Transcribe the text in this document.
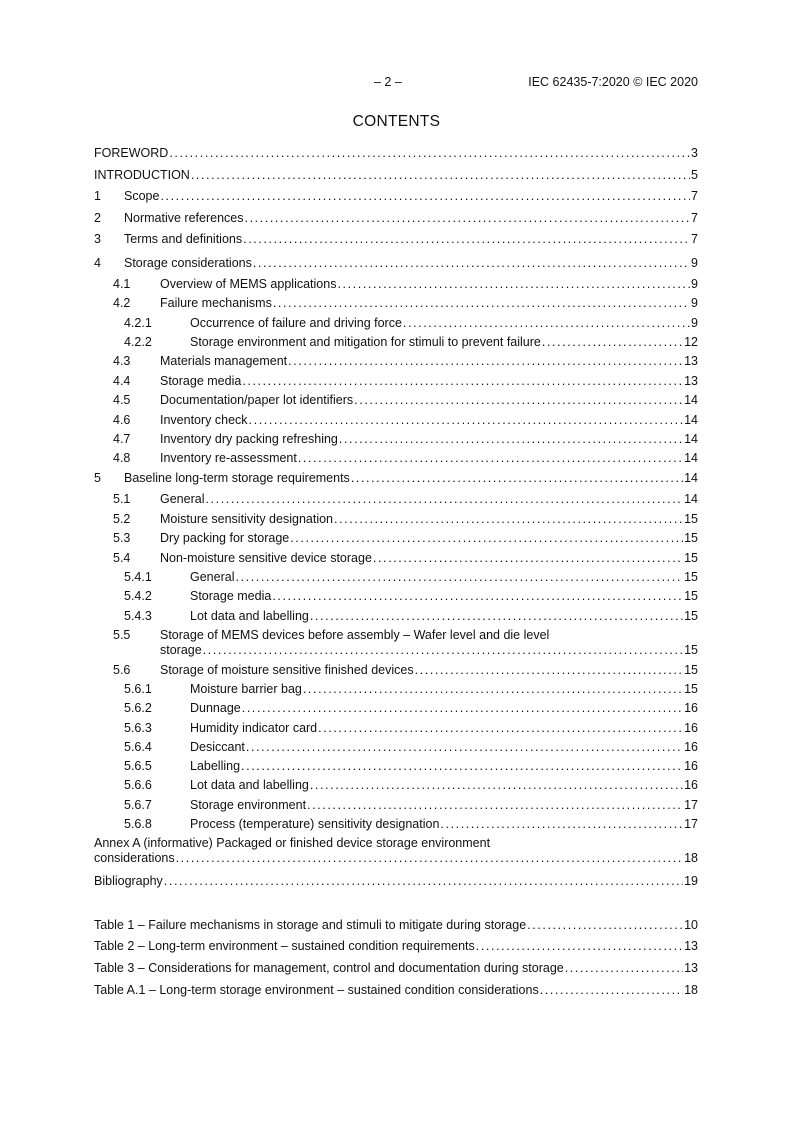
– 2 –	IEC 62435-7:2020 © IEC 2020
CONTENTS
FOREWORD .....	3
INTRODUCTION .....	5
1	Scope .....	7
2	Normative references .....	7
3	Terms and definitions .....	7
4	Storage considerations .....	9
4.1	Overview of MEMS applications .....	9
4.2	Failure mechanisms .....	9
4.2.1	Occurrence of failure and driving force .....	9
4.2.2	Storage environment and mitigation for stimuli to prevent failure .....	12
4.3	Materials management .....	13
4.4	Storage media .....	13
4.5	Documentation/paper lot identifiers .....	14
4.6	Inventory check .....	14
4.7	Inventory dry packing refreshing .....	14
4.8	Inventory re-assessment .....	14
5	Baseline long-term storage requirements .....	14
5.1	General .....	14
5.2	Moisture sensitivity designation .....	15
5.3	Dry packing for storage .....	15
5.4	Non-moisture sensitive device storage .....	15
5.4.1	General .....	15
5.4.2	Storage media .....	15
5.4.3	Lot data and labelling .....	15
5.5	Storage of MEMS devices before assembly – Wafer level and die level
storage .....	15
5.6	Storage of moisture sensitive finished devices .....	15
5.6.1	Moisture barrier bag .....	15
5.6.2	Dunnage .....	16
5.6.3	Humidity indicator card .....	16
5.6.4	Desiccant .....	16
5.6.5	Labelling .....	16
5.6.6	Lot data and labelling .....	16
5.6.7	Storage environment .....	17
5.6.8	Process (temperature) sensitivity designation .....	17
Annex A (informative) Packaged or finished device storage environment
considerations .....	18
Bibliography .....	19
Table 1 – Failure mechanisms in storage and stimuli to mitigate during storage .....	10
Table 2 – Long-term environment – sustained condition requirements .....	13
Table 3 – Considerations for management, control and documentation during storage .....	13
Table A.1 – Long-term storage environment – sustained condition considerations .....	18
